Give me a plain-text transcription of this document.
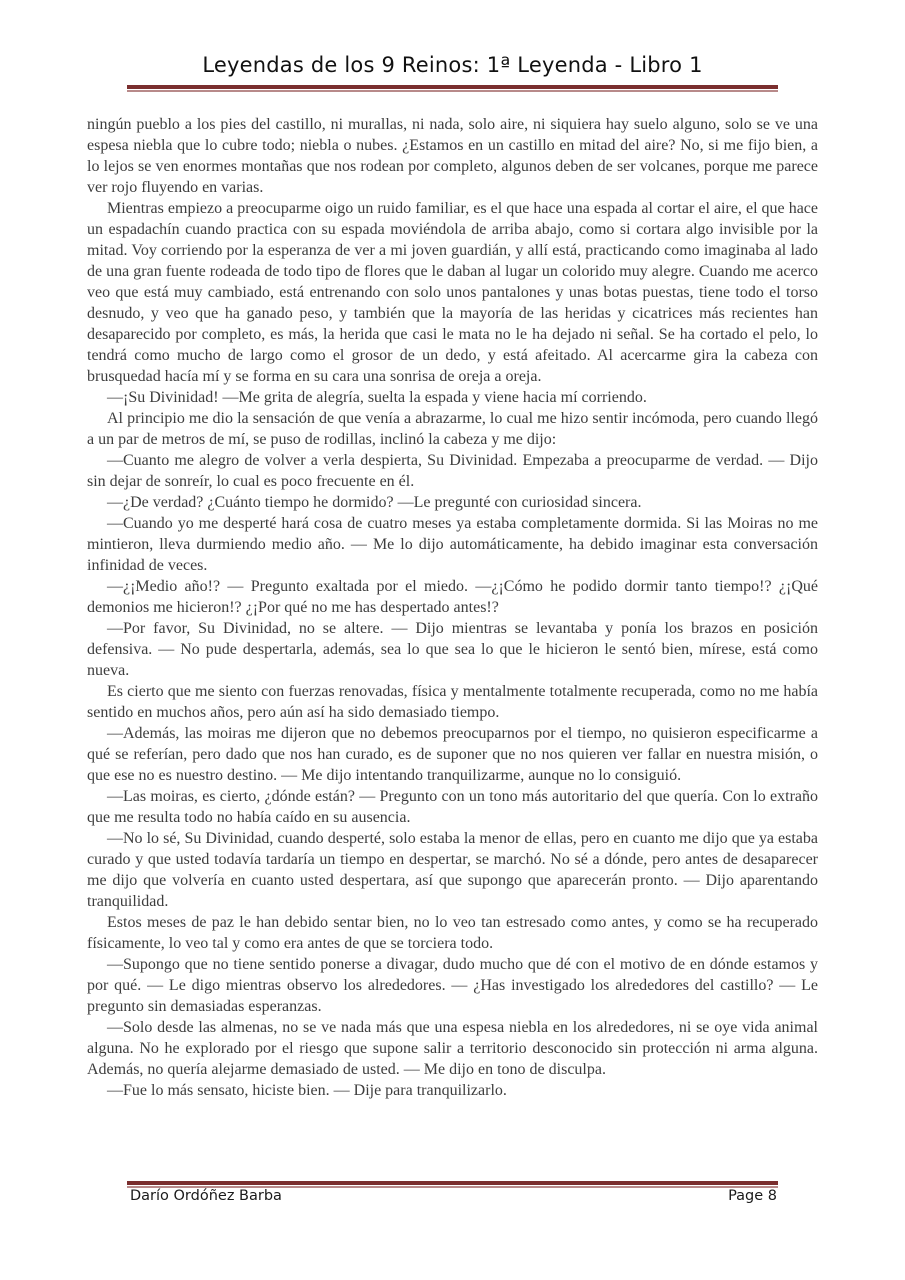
Leyendas de los 9 Reinos: 1ª Leyenda - Libro 1

ningún pueblo a los pies del castillo, ni murallas, ni nada, solo aire, ni siquiera hay suelo alguno, solo se ve una espesa niebla que lo cubre todo; niebla o nubes. ¿Estamos en un castillo en mitad del aire? No, si me fijo bien, a lo lejos se ven enormes montañas que nos rodean por completo, algunos deben de ser volcanes, porque me parece ver rojo fluyendo en varias.

Mientras empiezo a preocuparme oigo un ruido familiar, es el que hace una espada al cortar el aire, el que hace un espadachín cuando practica con su espada moviéndola de arriba abajo, como si cortara algo invisible por la mitad. Voy corriendo por la esperanza de ver a mi joven guardián, y allí está, practicando como imaginaba al lado de una gran fuente rodeada de todo tipo de flores que le daban al lugar un colorido muy alegre. Cuando me acerco veo que está muy cambiado, está entrenando con solo unos pantalones y unas botas puestas, tiene todo el torso desnudo, y veo que ha ganado peso, y también que la mayoría de las heridas y cicatrices más recientes han desaparecido por completo, es más, la herida que casi le mata no le ha dejado ni señal. Se ha cortado el pelo, lo tendrá como mucho de largo como el grosor de un dedo, y está afeitado. Al acercarme gira la cabeza con brusquedad hacía mí y se forma en su cara una sonrisa de oreja a oreja.

—¡Su Divinidad! —Me grita de alegría, suelta la espada y viene hacia mí corriendo.

Al principio me dio la sensación de que venía a abrazarme, lo cual me hizo sentir incómoda, pero cuando llegó a un par de metros de mí, se puso de rodillas, inclinó la cabeza y me dijo:

—Cuanto me alegro de volver a verla despierta, Su Divinidad. Empezaba a preocuparme de verdad. — Dijo sin dejar de sonreír, lo cual es poco frecuente en él.

—¿De verdad? ¿Cuánto tiempo he dormido? —Le pregunté con curiosidad sincera.

—Cuando yo me desperté hará cosa de cuatro meses ya estaba completamente dormida. Si las Moiras no me mintieron, lleva durmiendo medio año. — Me lo dijo automáticamente, ha debido imaginar esta conversación infinidad de veces.

—¿¡Medio año!? — Pregunto exaltada por el miedo. —¿¡Cómo he podido dormir tanto tiempo!? ¿¡Qué demonios me hicieron!? ¿¡Por qué no me has despertado antes!?

—Por favor, Su Divinidad, no se altere. — Dijo mientras se levantaba y ponía los brazos en posición defensiva. — No pude despertarla, además, sea lo que sea lo que le hicieron le sentó bien, mírese, está como nueva.

Es cierto que me siento con fuerzas renovadas, física y mentalmente totalmente recuperada, como no me había sentido en muchos años, pero aún así ha sido demasiado tiempo.

—Además, las moiras me dijeron que no debemos preocuparnos por el tiempo, no quisieron especificarme a qué se referían, pero dado que nos han curado, es de suponer que no nos quieren ver fallar en nuestra misión, o que ese no es nuestro destino. — Me dijo intentando tranquilizarme, aunque no lo consiguió.

—Las moiras, es cierto, ¿dónde están? — Pregunto con un tono más autoritario del que quería. Con lo extraño que me resulta todo no había caído en su ausencia.

—No lo sé, Su Divinidad, cuando desperté, solo estaba la menor de ellas, pero en cuanto me dijo que ya estaba curado y que usted todavía tardaría un tiempo en despertar, se marchó. No sé a dónde, pero antes de desaparecer me dijo que volvería en cuanto usted despertara, así que supongo que aparecerán pronto. — Dijo aparentando tranquilidad.

Estos meses de paz le han debido sentar bien, no lo veo tan estresado como antes, y como se ha recuperado físicamente, lo veo tal y como era antes de que se torciera todo.

—Supongo que no tiene sentido ponerse a divagar, dudo mucho que dé con el motivo de en dónde estamos y por qué. — Le digo mientras observo los alrededores. — ¿Has investigado los alrededores del castillo? — Le pregunto sin demasiadas esperanzas.

—Solo desde las almenas, no se ve nada más que una espesa niebla en los alrededores, ni se oye vida animal alguna. No he explorado por el riesgo que supone salir a territorio desconocido sin protección ni arma alguna. Además, no quería alejarme demasiado de usted. — Me dijo en tono de disculpa.

—Fue lo más sensato, hiciste bien. — Dije para tranquilizarlo.

Darío Ordóñez Barba	Page 8
